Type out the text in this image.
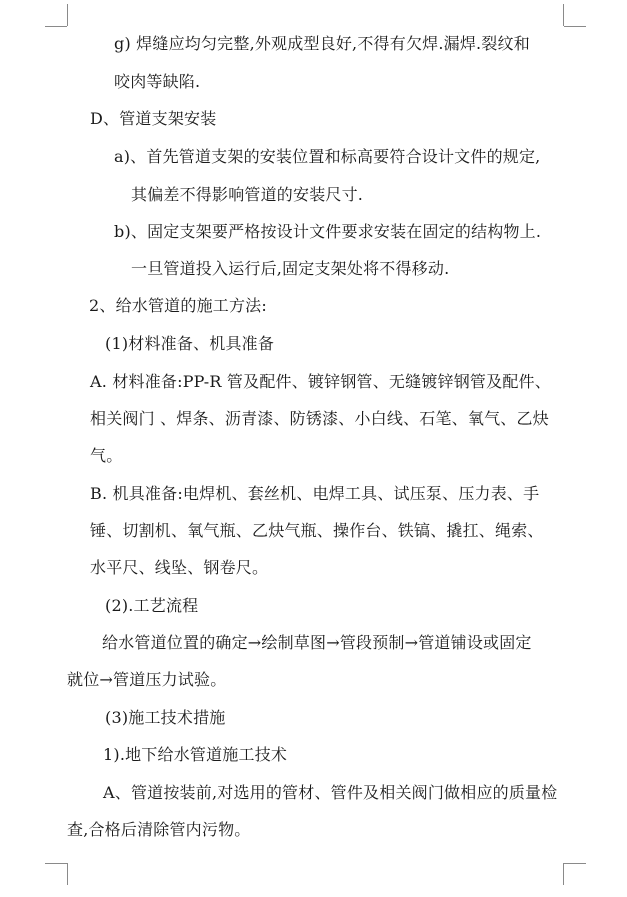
g) 焊缝应均匀完整,外观成型良好,不得有欠焊.漏焊.裂纹和
咬肉等缺陷.
D、管道支架安装
a)、首先管道支架的安装位置和标高要符合设计文件的规定,
其偏差不得影响管道的安装尺寸.
b)、固定支架要严格按设计文件要求安装在固定的结构物上.
一旦管道投入运行后,固定支架处将不得移动.
2、给水管道的施工方法:
(1)材料准备、机具准备
A. 材料准备:PP-R 管及配件、镀锌钢管、无缝镀锌钢管及配件、
相关阀门 、焊条、沥青漆、防锈漆、小白线、石笔、氧气、乙炔
气。
B. 机具准备:电焊机、套丝机、电焊工具、试压泵、压力表、手
锤、切割机、氧气瓶、乙炔气瓶、操作台、铁镐、撬扛、绳索、
水平尺、线坠、钢卷尺。
(2).工艺流程
给水管道位置的确定→绘制草图→管段预制→管道铺设或固定
就位→管道压力试验。
(3)施工技术措施
1).地下给水管道施工技术
A、管道按装前,对选用的管材、管件及相关阀门做相应的质量检
查,合格后清除管内污物。
